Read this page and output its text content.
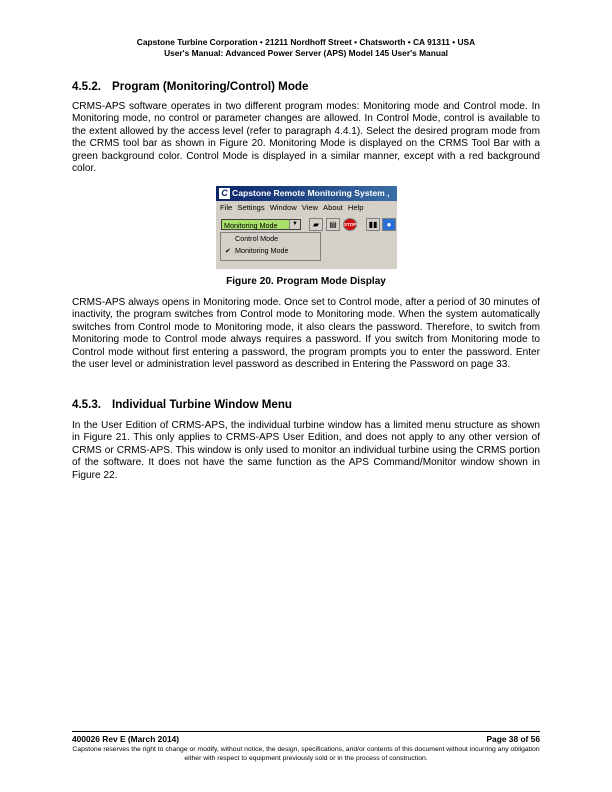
Capstone Turbine Corporation • 21211 Nordhoff Street • Chatsworth • CA 91311 • USA
User's Manual: Advanced Power Server (APS) Model 145 User's Manual
4.5.2. Program (Monitoring/Control) Mode

CRMS-APS software operates in two different program modes: Monitoring mode and Control mode. In Monitoring mode, no control or parameter changes are allowed. In Control Mode, control is available to the extent allowed by the access level (refer to paragraph 4.4.1). Select the desired program mode from the CRMS tool bar as shown in Figure 20. Monitoring Mode is displayed on the CRMS Tool Bar with a green background color. Control Mode is displayed in a similar manner, except with a red background color.

C Capstone Remote Monitoring System ,
File Settings Window View About Help
Monitoring Mode	▼	▰	▤	STOP	▮▮	●
Control Mode
✔ Monitoring Mode
Figure 20. Program Mode Display

CRMS-APS always opens in Monitoring mode. Once set to Control mode, after a period of 30 minutes of inactivity, the program switches from Control mode to Monitoring mode. When the system automatically switches from Control mode to Monitoring mode, it also clears the password. Therefore, to switch from Monitoring mode to Control mode always requires a password. If you switch from Monitoring mode to Control mode without first entering a password, the program prompts you to enter the password. Enter the user level or administration level password as described in Entering the Password on page 33.

4.5.3. Individual Turbine Window Menu

In the User Edition of CRMS-APS, the individual turbine window has a limited menu structure as shown in Figure 21. This only applies to CRMS-APS User Edition, and does not apply to any other version of CRMS or CRMS-APS. This window is only used to monitor an individual turbine using the CRMS portion of the software. It does not have the same function as the APS Command/Monitor window shown in Figure 22.

400026 Rev E (March 2014)	Page 38 of 56
Capstone reserves the right to change or modify, without notice, the design, specifications, and/or contents of this document without incurring any obligation either with respect to equipment previously sold or in the process of construction.
